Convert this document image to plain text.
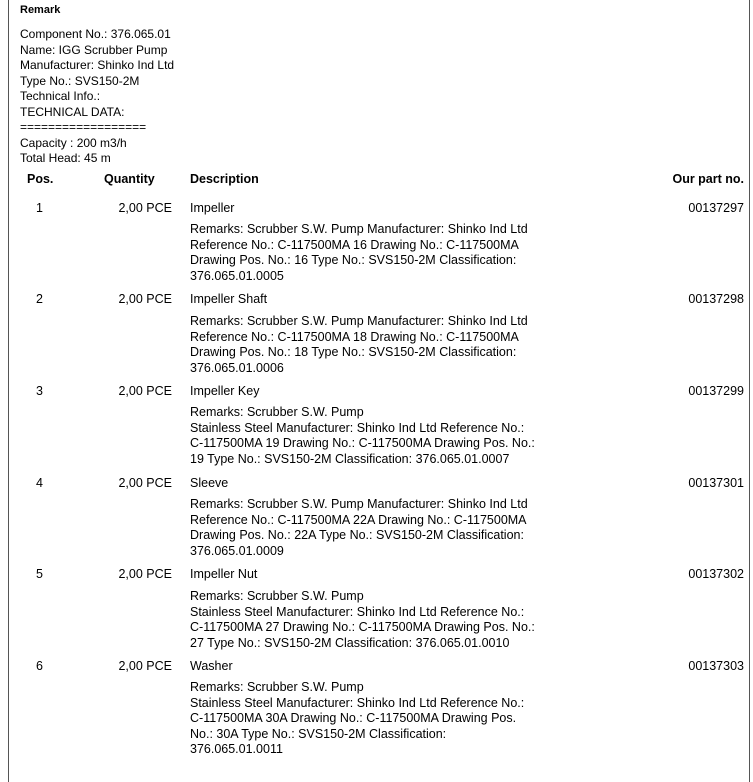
Remark
Component No.: 376.065.01
Name: IGG Scrubber Pump
Manufacturer: Shinko Ind Ltd
Type No.: SVS150-2M
Technical Info.:
TECHNICAL DATA:
==================
Capacity : 200 m3/h
Total Head: 45 m
Pos.	Quantity	Description	Our part no.
1	2,00 PCE Impeller	00137297
Remarks: Scrubber S.W. Pump Manufacturer: Shinko Ind Ltd
Reference No.: C-117500MA 16 Drawing No.: C-117500MA
Drawing Pos. No.: 16 Type No.: SVS150-2M Classification:
376.065.01.0005
2	2,00 PCE Impeller Shaft	00137298
Remarks: Scrubber S.W. Pump Manufacturer: Shinko Ind Ltd
Reference No.: C-117500MA 18 Drawing No.: C-117500MA
Drawing Pos. No.: 18 Type No.: SVS150-2M Classification:
376.065.01.0006
3	2,00 PCE Impeller Key	00137299
Remarks: Scrubber S.W. Pump
Stainless Steel Manufacturer: Shinko Ind Ltd Reference No.:
C-117500MA 19 Drawing No.: C-117500MA Drawing Pos. No.:
19 Type No.: SVS150-2M Classification: 376.065.01.0007
4	2,00 PCE Sleeve	00137301
Remarks: Scrubber S.W. Pump Manufacturer: Shinko Ind Ltd
Reference No.: C-117500MA 22A Drawing No.: C-117500MA
Drawing Pos. No.: 22A Type No.: SVS150-2M Classification:
376.065.01.0009
5	2,00 PCE Impeller Nut	00137302
Remarks: Scrubber S.W. Pump
Stainless Steel Manufacturer: Shinko Ind Ltd Reference No.:
C-117500MA 27 Drawing No.: C-117500MA Drawing Pos. No.:
27 Type No.: SVS150-2M Classification: 376.065.01.0010
6	2,00 PCE Washer	00137303
Remarks: Scrubber S.W. Pump
Stainless Steel Manufacturer: Shinko Ind Ltd Reference No.:
C-117500MA 30A Drawing No.: C-117500MA Drawing Pos.
No.: 30A Type No.: SVS150-2M Classification:
376.065.01.0011
